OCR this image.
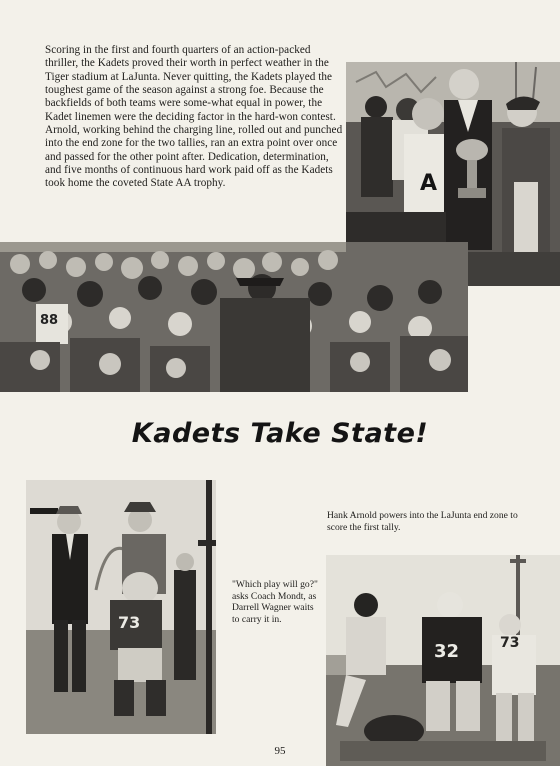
Scoring in the first and fourth quarters of an action-packed thriller, the Kadets proved their worth in perfect weather in the Tiger stadium at LaJunta. Never quitting, the Kadets played the toughest game of the season against a strong foe. Because the backfields of both teams were some-what equal in power, the Kadet linemen were the deciding factor in the hard-won contest. Arnold, working behind the charging line, rolled out and punched into the end zone for the two tallies, ran an extra point over once and passed for the other point after. Dedication, determination, and five months of continuous hard work paid off as the Kadets took home the coveted State AA trophy.	A
88
Kadets Take State!
73

Hank Arnold powers into the LaJunta end zone to score the first tally.

"Which play will go?" asks Coach Mondt, as Darrell Wagner waits to carry it in.

32	73

95
